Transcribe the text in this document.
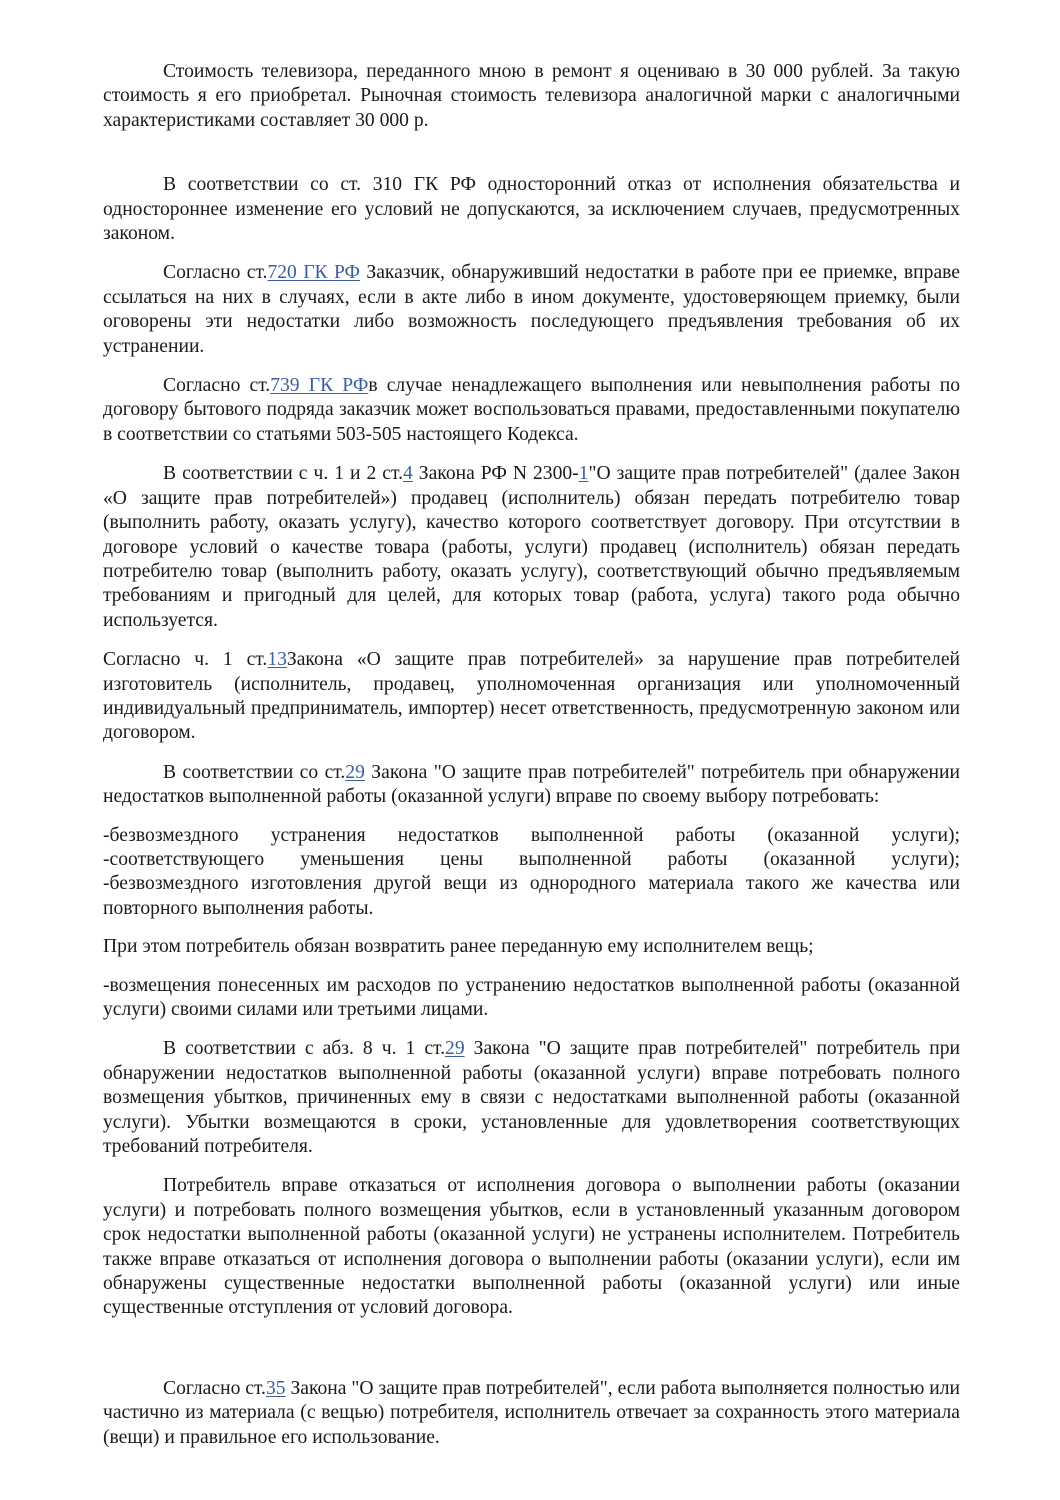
Стоимость телевизора, переданного мною в ремонт я оцениваю в 30 000 рублей. За такую стоимость я его приобретал. Рыночная стоимость телевизора аналогичной марки с аналогичными характеристиками составляет 30 000 р.

В соответствии со ст. 310 ГК РФ односторонний отказ от исполнения обязательства и одностороннее изменение его условий не допускаются, за исключением случаев, предусмотренных законом.

Согласно ст.720 ГК РФ Заказчик, обнаруживший недостатки в работе при ее приемке, вправе ссылаться на них в случаях, если в акте либо в ином документе, удостоверяющем приемку, были оговорены эти недостатки либо возможность последующего предъявления требования об их устранении.

Согласно ст.739 ГК РФв случае ненадлежащего выполнения или невыполнения работы по договору бытового подряда заказчик может воспользоваться правами, предоставленными покупателю в соответствии со статьями 503-505 настоящего Кодекса.

В соответствии с ч. 1 и 2 ст.4 Закона РФ N 2300-1"О защите прав потребителей" (далее Закон «О защите прав потребителей») продавец (исполнитель) обязан передать потребителю товар (выполнить работу, оказать услугу), качество которого соответствует договору. При отсутствии в договоре условий о качестве товара (работы, услуги) продавец (исполнитель) обязан передать потребителю товар (выполнить работу, оказать услугу), соответствующий обычно предъявляемым требованиям и пригодный для целей, для которых товар (работа, услуга) такого рода обычно используется.

Согласно ч. 1 ст.13Закона «О защите прав потребителей» за нарушение прав потребителей изготовитель (исполнитель, продавец, уполномоченная организация или уполномоченный индивидуальный предприниматель, импортер) несет ответственность, предусмотренную законом или договором.

В соответствии со ст.29 Закона "О защите прав потребителей" потребитель при обнаружении недостатков выполненной работы (оказанной услуги) вправе по своему выбору потребовать:

-безвозмездного устранения недостатков выполненной работы (оказанной услуги);
-соответствующего уменьшения цены выполненной работы (оказанной услуги);
-безвозмездного изготовления другой вещи из однородного материала такого же качества или повторного выполнения работы.

При этом потребитель обязан возвратить ранее переданную ему исполнителем вещь;

-возмещения понесенных им расходов по устранению недостатков выполненной работы (оказанной услуги) своими силами или третьими лицами.

В соответствии с абз. 8 ч. 1 ст.29 Закона "О защите прав потребителей" потребитель при обнаружении недостатков выполненной работы (оказанной услуги) вправе потребовать полного возмещения убытков, причиненных ему в связи с недостатками выполненной работы (оказанной услуги). Убытки возмещаются в сроки, установленные для удовлетворения соответствующих требований потребителя.

Потребитель вправе отказаться от исполнения договора о выполнении работы (оказании услуги) и потребовать полного возмещения убытков, если в установленный указанным договором срок недостатки выполненной работы (оказанной услуги) не устранены исполнителем. Потребитель также вправе отказаться от исполнения договора о выполнении работы (оказании услуги), если им обнаружены существенные недостатки выполненной работы (оказанной услуги) или иные существенные отступления от условий договора.

Согласно ст.35 Закона "О защите прав потребителей", если работа выполняется полностью или частично из материала (с вещью) потребителя, исполнитель отвечает за сохранность этого материала (вещи) и правильное его использование.
